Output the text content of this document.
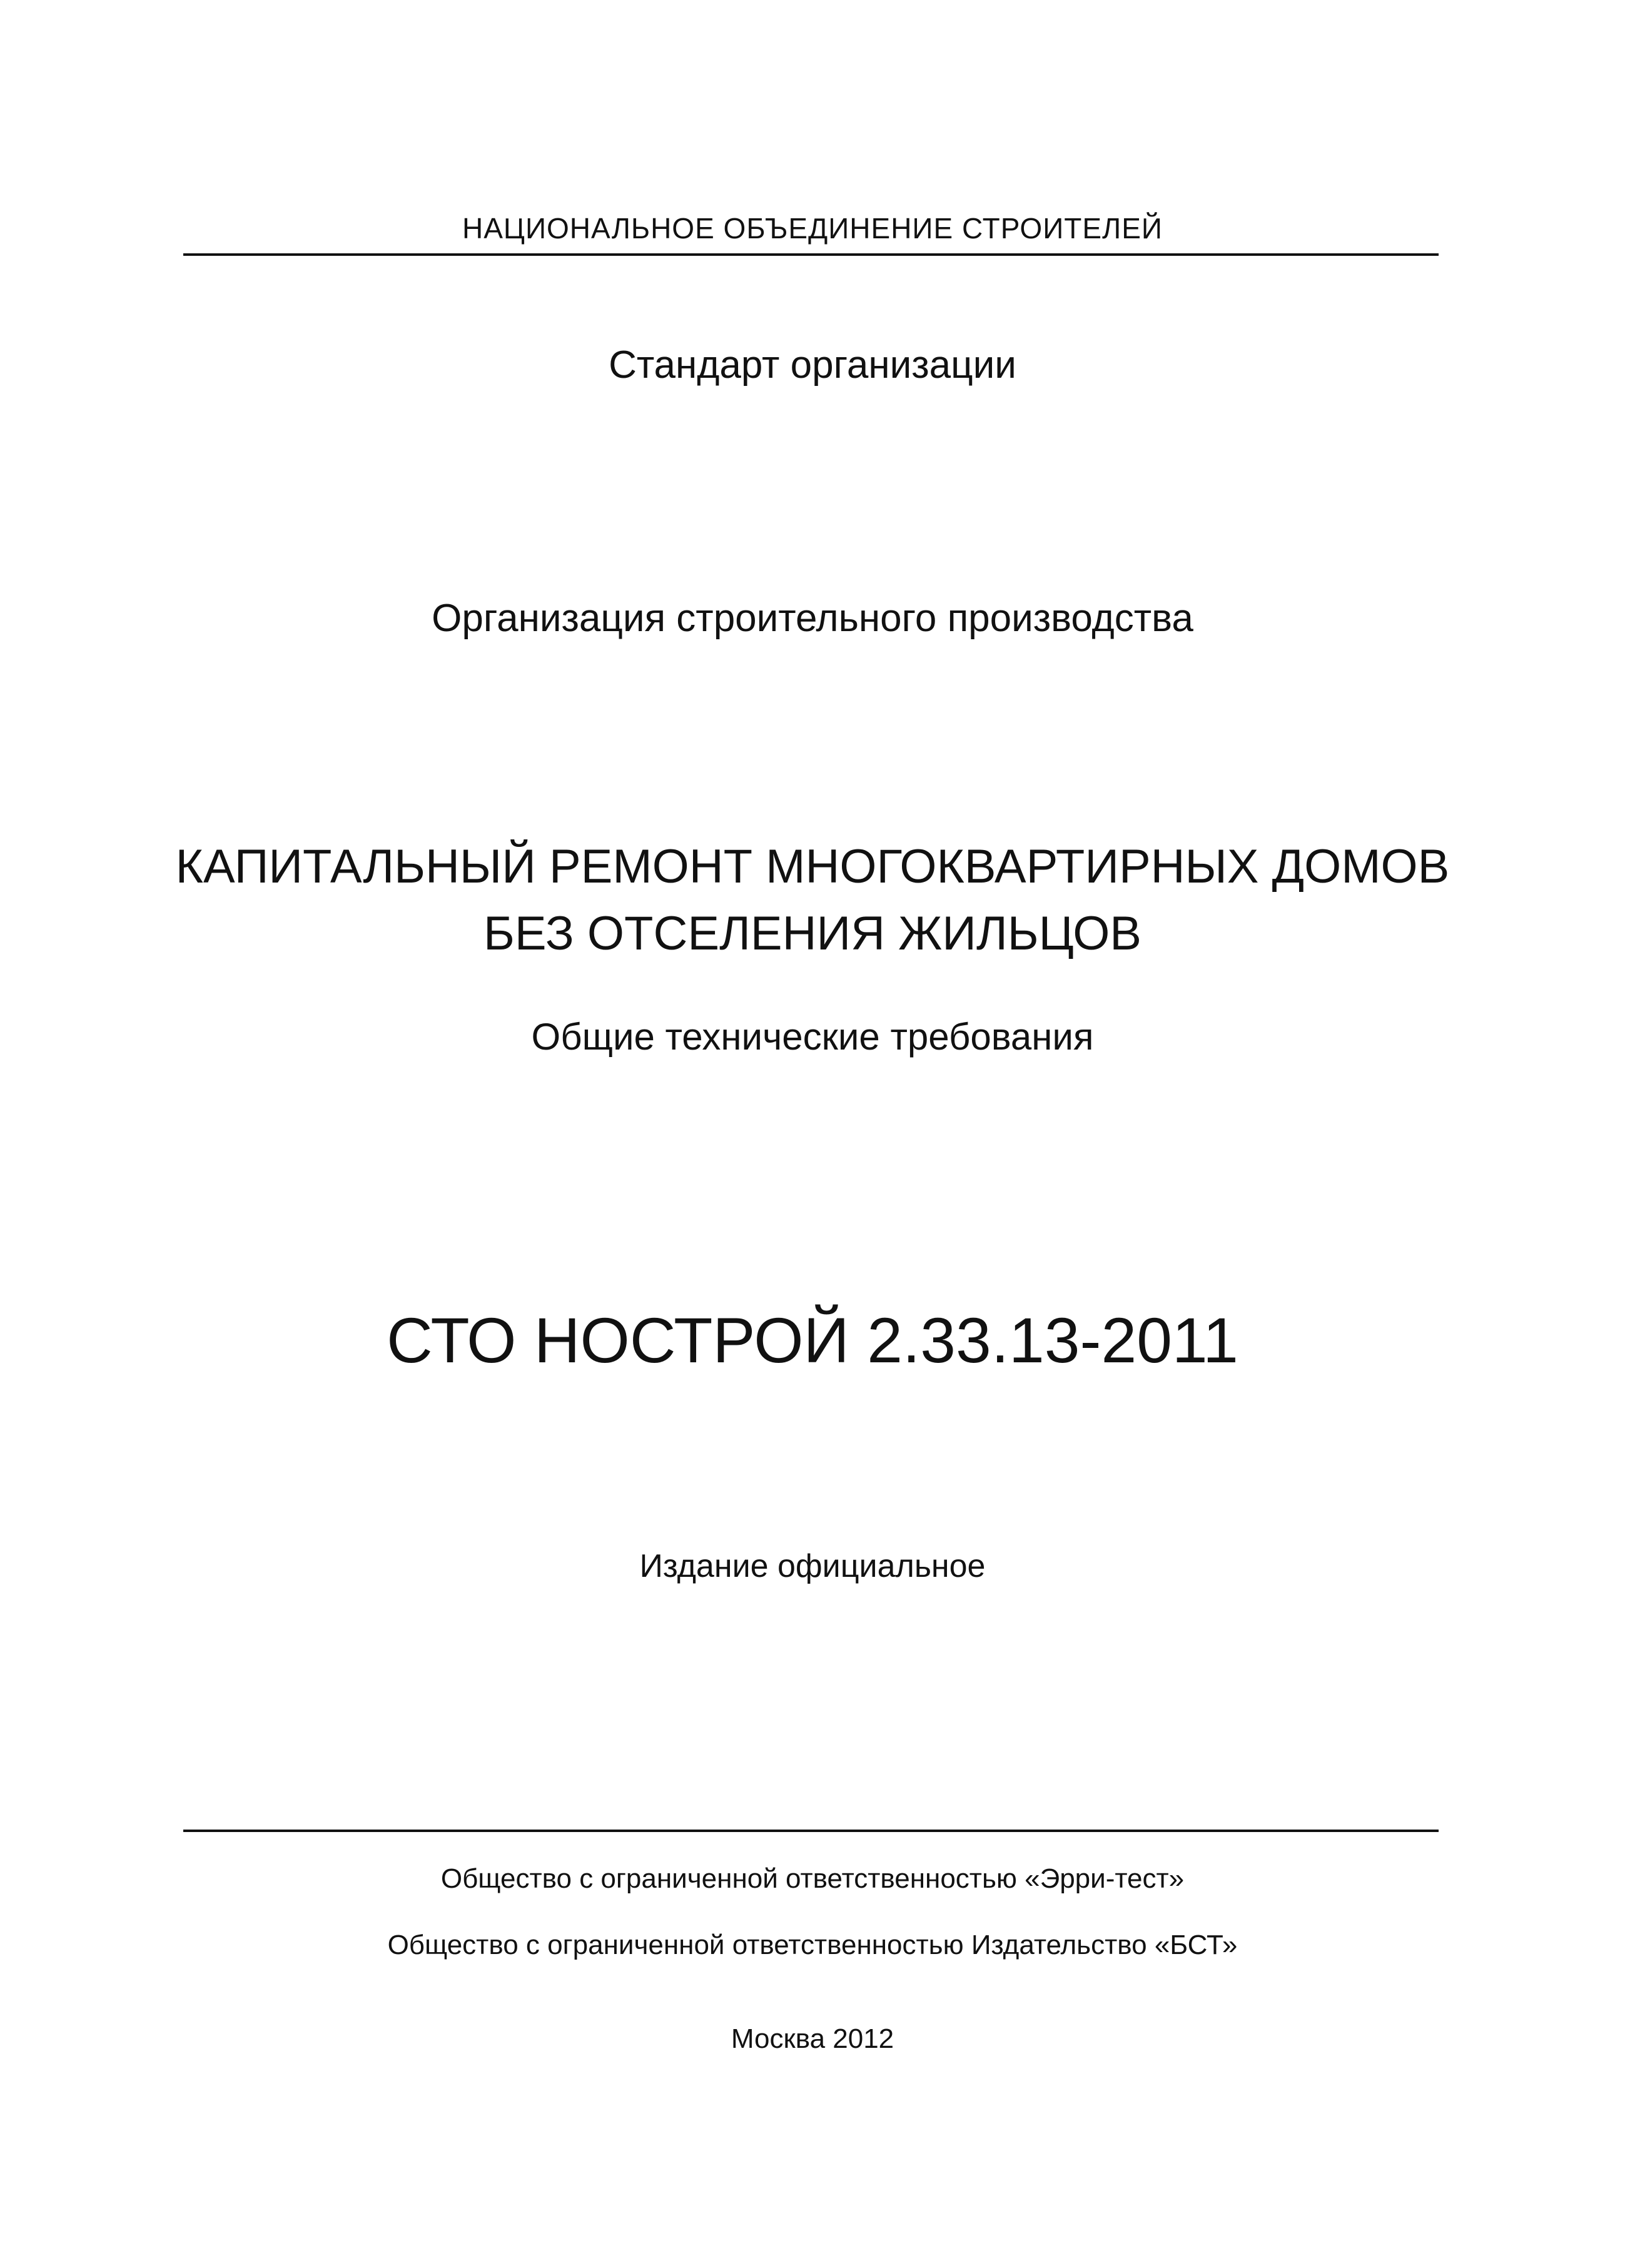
НАЦИОНАЛЬНОЕ ОБЪЕДИНЕНИЕ СТРОИТЕЛЕЙ
Стандарт организации
Организация строительного производства
КАПИТАЛЬНЫЙ РЕМОНТ МНОГОКВАРТИРНЫХ ДОМОВ
БЕЗ ОТСЕЛЕНИЯ ЖИЛЬЦОВ
Общие технические требования
СТО НОСТРОЙ 2.33.13-2011
Издание официальное
Общество с ограниченной ответственностью «Эрри-тест»
Общество с ограниченной ответственностью Издательство «БСТ»
Москва 2012
